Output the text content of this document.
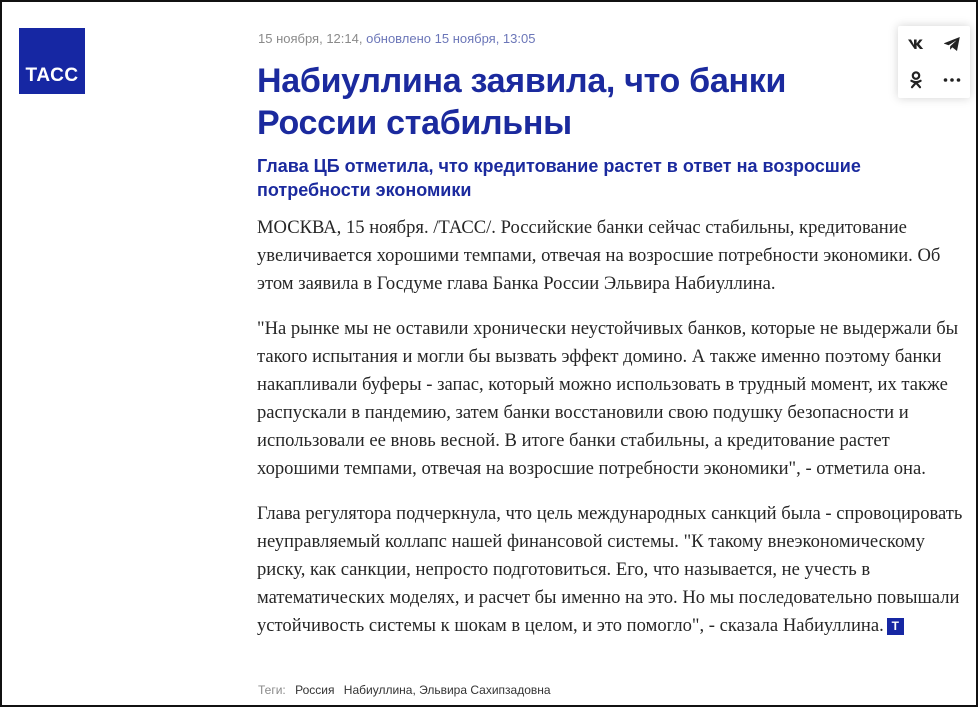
ТАСС
15 ноября, 12:14, обновлено 15 ноября, 13:05
Набиуллина заявила, что банки России стабильны
Глава ЦБ отметила, что кредитование растет в ответ на возросшие потребности экономики

МОСКВА, 15 ноября. /ТАСС/. Российские банки сейчас стабильны, кредитование увеличивается хорошими темпами, отвечая на возросшие потребности экономики. Об этом заявила в Госдуме глава Банка России Эльвира Набиуллина.

"На рынке мы не оставили хронически неустойчивых банков, которые не выдержали бы такого испытания и могли бы вызвать эффект домино. А также именно поэтому банки накапливали буферы - запас, который можно использовать в трудный момент, их также распускали в пандемию, затем банки восстановили свою подушку безопасности и использовали ее вновь весной. В итоге банки стабильны, а кредитование растет хорошими темпами, отвечая на возросшие потребности экономики", - отметила она.

Глава регулятора подчеркнула, что цель международных санкций была - спровоцировать неуправляемый коллапс нашей финансовой системы. "К такому внеэкономическому риску, как санкции, непросто подготовиться. Его, что называется, не учесть в математических моделях, и расчет бы именно на это. Но мы последовательно повышали устойчивость системы к шокам в целом, и это помогло", - сказала Набиуллина. Т

Теги: Россия Набиуллина, Эльвира Сахипзадовна
